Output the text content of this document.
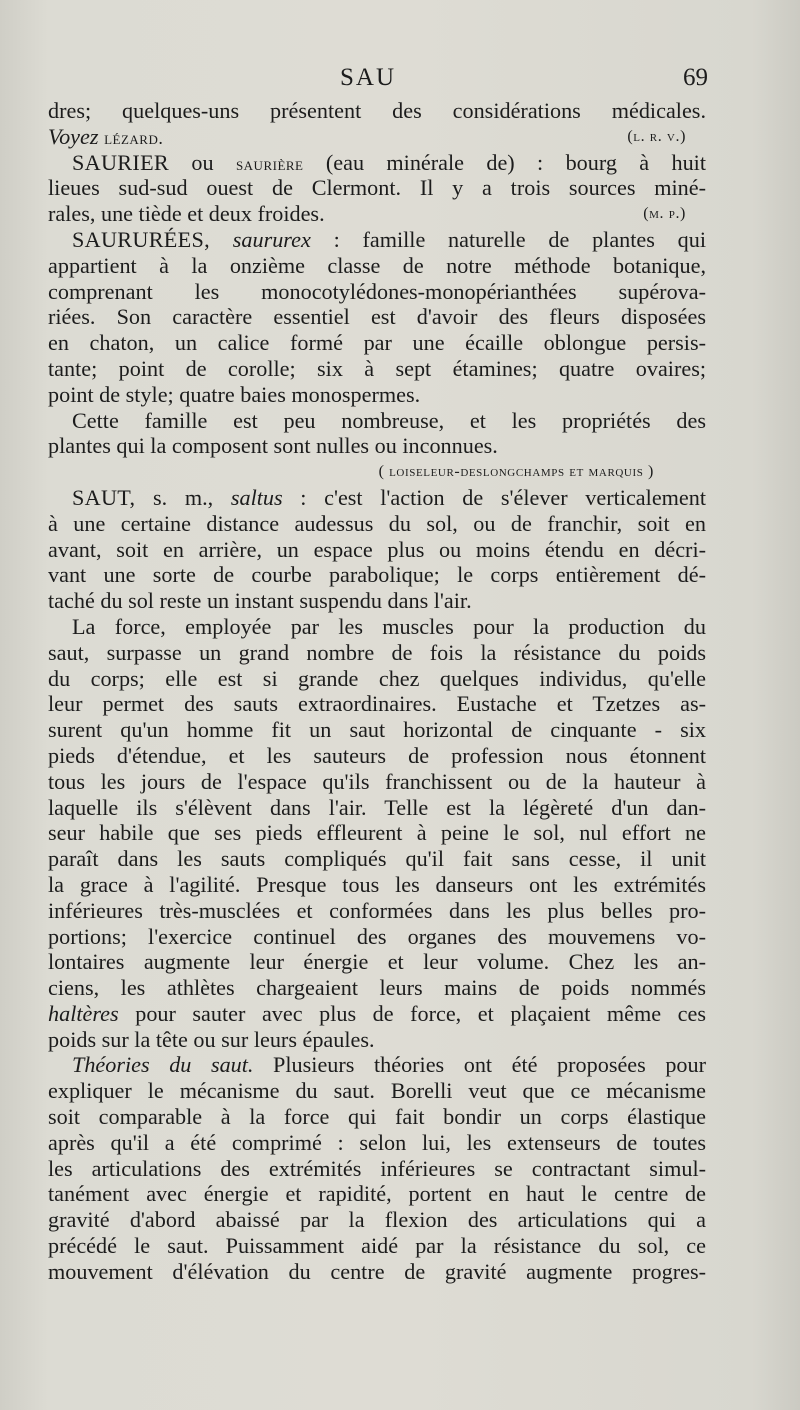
SAU	69
dres; quelques-uns présentent des considérations médicales.
Voyez lézard.	(l. r. v.)
SAURIER ou saurière (eau minérale de) : bourg à huit
lieues sud-sud ouest de Clermont. Il y a trois sources miné-
rales, une tiède et deux froides.	(m. p.)
SAURURÉES, saururex : famille naturelle de plantes qui
appartient à la onzième classe de notre méthode botanique,
comprenant les monocotylédones-monopérianthées supérova-
riées. Son caractère essentiel est d'avoir des fleurs disposées
en chaton, un calice formé par une écaille oblongue persis-
tante; point de corolle; six à sept étamines; quatre ovaires;
point de style; quatre baies monospermes.
Cette famille est peu nombreuse, et les propriétés des
plantes qui la composent sont nulles ou inconnues.
( loiseleur-deslongchamps et marquis )
SAUT, s. m., saltus : c'est l'action de s'élever verticalement
à une certaine distance audessus du sol, ou de franchir, soit en
avant, soit en arrière, un espace plus ou moins étendu en décri-
vant une sorte de courbe parabolique; le corps entièrement dé-
taché du sol reste un instant suspendu dans l'air.
La force, employée par les muscles pour la production du
saut, surpasse un grand nombre de fois la résistance du poids
du corps; elle est si grande chez quelques individus, qu'elle
leur permet des sauts extraordinaires. Eustache et Tzetzes as-
surent qu'un homme fit un saut horizontal de cinquante - six
pieds d'étendue, et les sauteurs de profession nous étonnent
tous les jours de l'espace qu'ils franchissent ou de la hauteur à
laquelle ils s'élèvent dans l'air. Telle est la légèreté d'un dan-
seur habile que ses pieds effleurent à peine le sol, nul effort ne
paraît dans les sauts compliqués qu'il fait sans cesse, il unit
la grace à l'agilité. Presque tous les danseurs ont les extrémités
inférieures très-musclées et conformées dans les plus belles pro-
portions; l'exercice continuel des organes des mouvemens vo-
lontaires augmente leur énergie et leur volume. Chez les an-
ciens, les athlètes chargeaient leurs mains de poids nommés
haltères pour sauter avec plus de force, et plaçaient même ces
poids sur la tête ou sur leurs épaules.
Théories du saut. Plusieurs théories ont été proposées pour
expliquer le mécanisme du saut. Borelli veut que ce mécanisme
soit comparable à la force qui fait bondir un corps élastique
après qu'il a été comprimé : selon lui, les extenseurs de toutes
les articulations des extrémités inférieures se contractant simul-
tanément avec énergie et rapidité, portent en haut le centre de
gravité d'abord abaissé par la flexion des articulations qui a
précédé le saut. Puissamment aidé par la résistance du sol, ce
mouvement d'élévation du centre de gravité augmente progres-
